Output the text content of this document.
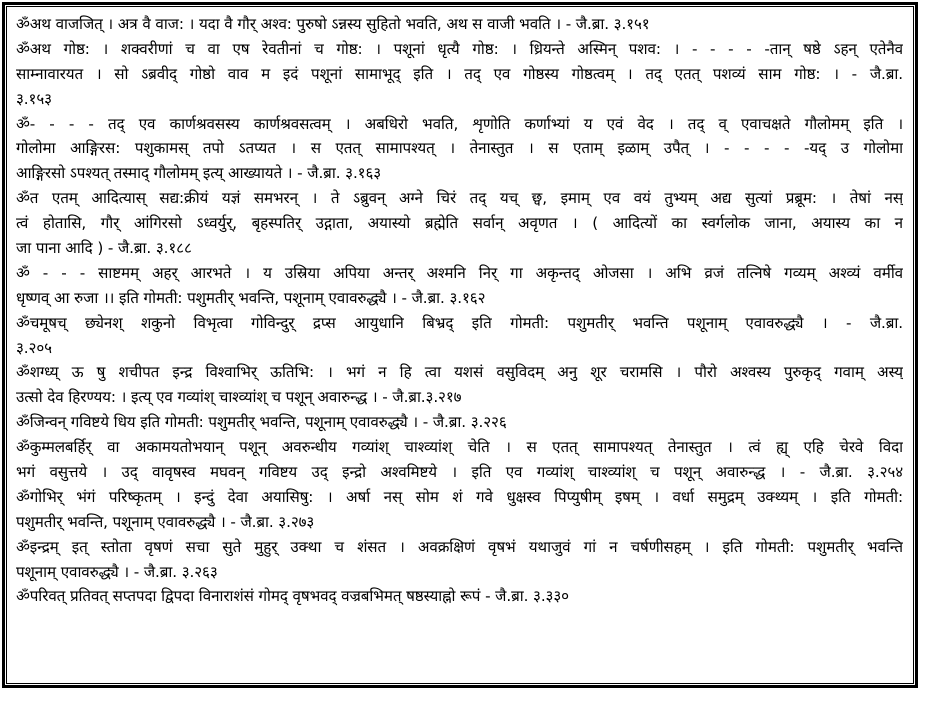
ॐअथ वाजजित् । अत्र वै वाज: । यदा वै गौर् अश्व: पुरुषो ऽन्नस्य सुहितो भवति, अथ स वाजी भवति । - जै.ब्रा. ३.१५१
ॐअथ गोष्ठ: । शक्वरीणां च वा एष रेवतीनां च गोष्ठ: । पशूनां धृत्यै गोष्ठ: । ध्रियन्ते अस्मिन् पशव: । - - - - -तान् षष्ठे ऽहन् एतेनैव
साम्नावारयत । सो ऽब्रवीद् गोष्ठो वाव म इदं पशूनां सामाभूद् इति । तद् एव गोष्ठस्य गोष्ठत्वम् । तद् एतत् पशव्यं साम गोष्ठ: । - जै.ब्रा.
३.१५३
ॐ- - - - तद् एव कार्णश्रवसस्य कार्णश्रवसत्वम् । अबधिरो भवति, शृणोति कर्णाभ्यां य एवं वेद । तद् व् एवाचक्षते गौलोमम् इति ।
गोलोमा आङ्गिरस: पशुकामस् तपो ऽतप्यत । स एतत् सामापश्यत् । तेनास्तुत । स एताम् इळाम् उपैत् । - - - - -यद् उ गोलोमा
आङ्गिरसो ऽपश्यत् तस्माद् गौलोमम् इत्य् आख्यायते । - जै.ब्रा. ३.१६३
ॐत एतम् आदित्यास् सद्य:क्रीयं यज्ञं समभरन् । ते ऽब्रुवन् अग्ने चिरं तद् यच् छ्व, इमाम् एव वयं तुभ्यम् अद्य सुत्यां प्रब्रूम: । तेषां नस्
त्वं होतासि, गौर् आंगिरसो ऽध्वर्युर्, बृहस्पतिर् उद्गाता, अयास्यो ब्रह्मेति सर्वान् अवृणत । ( आदित्यों का स्वर्गलोक जाना, अयास्य का न
जा पाना आदि ) - जै.ब्रा. ३.१८८
ॐ - - - साष्टमम् अहर् आरभते । य उस्रिया अपिया अन्तर् अश्मनि निर् गा अकृन्तद् ओजसा । अभि व्रजं तत्निषे गव्यम् अश्व्यं वर्मीव
धृष्णव् आ रुजा ।। इति गोमती: पशुमतीर् भवन्ति, पशूनाम् एवावरुद्ध्यै । - जै.ब्रा. ३.१६२
ॐचमूषच् छ्येनश् शकुनो विभृत्वा गोविन्दुर् द्रप्स आयुधानि बिभ्रद् इति गोमती: पशुमतीर् भवन्ति पशूनाम् एवावरुद्ध्यै । - जै.ब्रा.
३.२०५
ॐशग्ध्य् ऊ षु शचीपत इन्द्र विश्वाभिर् ऊतिभि: । भगं न हि त्वा यशसं वसुविदम् अनु शूर चरामसि । पौरो अश्वस्य पुरुकृद् गवाम् अस्य्
उत्सो देव हिरण्यय: । इत्य् एव गव्यांश् चाश्व्यांश् च पशून् अवारुन्द्ध । - जै.ब्रा.३.२१७
ॐजिन्वन् गविष्टये धिय इति गोमती: पशुमतीर् भवन्ति, पशूनाम् एवावरुद्ध्यै । - जै.ब्रा. ३.२२६
ॐकुम्मलबर्हिर् वा अकामयतोभयान् पशून् अवरुन्धीय गव्यांश् चाश्व्यांश् चेति । स एतत् सामापश्यत् तेनास्तुत । त्वं ह्य् एहि चेरवे विदा
भगं वसुत्तये । उद् वावृषस्व मघवन् गविष्टय उद् इन्द्रो अश्वमिष्टये । इति एव गव्यांश् चाश्व्यांश् च पशून् अवारुन्द्ध । - जै.ब्रा. ३.२५४
ॐगोभिर् भंगं परिष्कृतम् । इन्दुं देवा अयासिषु: । अर्षा नस् सोम शं गवे धुक्षस्व पिप्युषीम् इषम् । वर्धा समुद्रम् उक्थ्यम् । इति गोमती:
पशुमतीर् भवन्ति, पशूनाम् एवावरुद्ध्यै । - जै.ब्रा. ३.२७३
ॐइन्द्रम् इत् स्तोता वृषणं सचा सुते मुहुर् उक्था च शंसत । अवक्रक्षिणं वृषभं यथाजुवं गां न चर्षणीसहम् । इति गोमती: पशुमतीर् भवन्ति
पशूनाम् एवावरुद्ध्यै । - जै.ब्रा. ३.२६३
ॐपरिवत् प्रतिवत् सप्तपदा द्विपदा विनाराशंसं गोमद् वृषभवद् वज्रबभिमत् षष्ठस्याह्नो रूपं - जै.ब्रा. ३.३३०
